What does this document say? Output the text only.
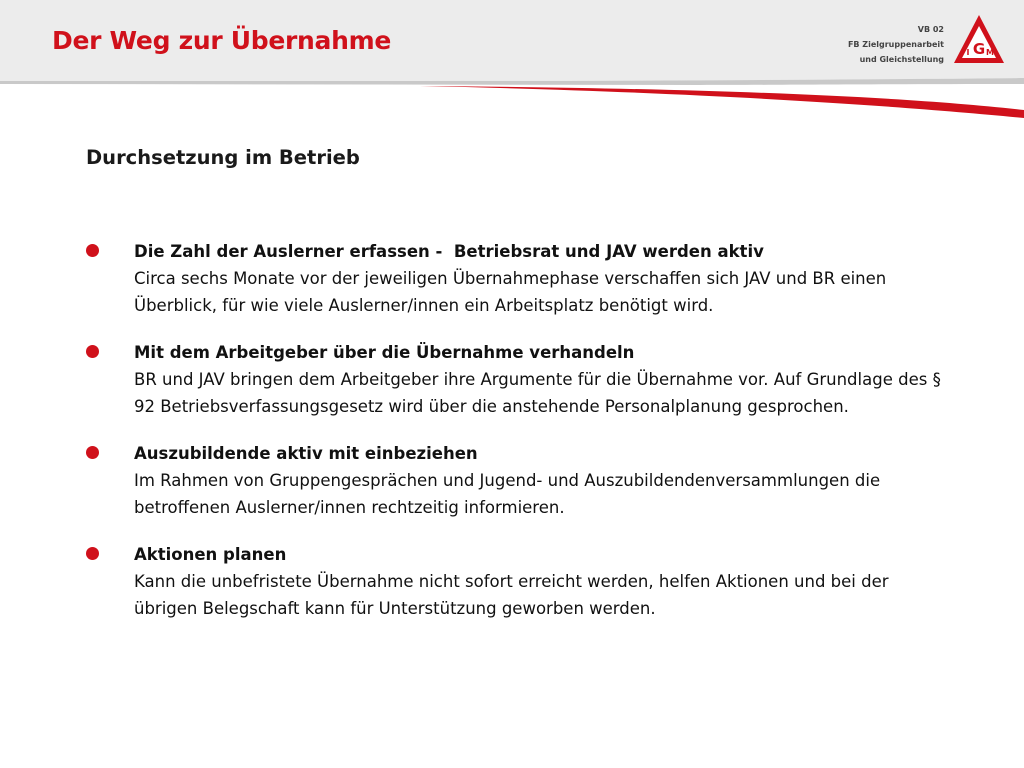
Der Weg zur Übernahme	VB 02
FB Zielgruppenarbeit
und Gleichstellung
G
I M
Durchsetzung im Betrieb
Die Zahl der Auslerner erfassen -  Betriebsrat und JAV werden aktiv
Circa sechs Monate vor der jeweiligen Übernahmephase verschaffen sich JAV und BR einen Überblick, für wie viele Auslerner/innen ein Arbeitsplatz benötigt wird.
Mit dem Arbeitgeber über die Übernahme verhandeln
BR und JAV bringen dem Arbeitgeber ihre Argumente für die Übernahme vor. Auf Grundlage des § 92 Betriebsverfassungsgesetz wird über die anstehende Personalplanung gesprochen.
Auszubildende aktiv mit einbeziehen
Im Rahmen von Gruppengesprächen und Jugend- und Auszubildendenversammlungen die betroffenen Auslerner/innen rechtzeitig informieren.
Aktionen planen
Kann die unbefristete Übernahme nicht sofort erreicht werden, helfen Aktionen und bei der übrigen Belegschaft kann für Unterstützung geworben werden.
